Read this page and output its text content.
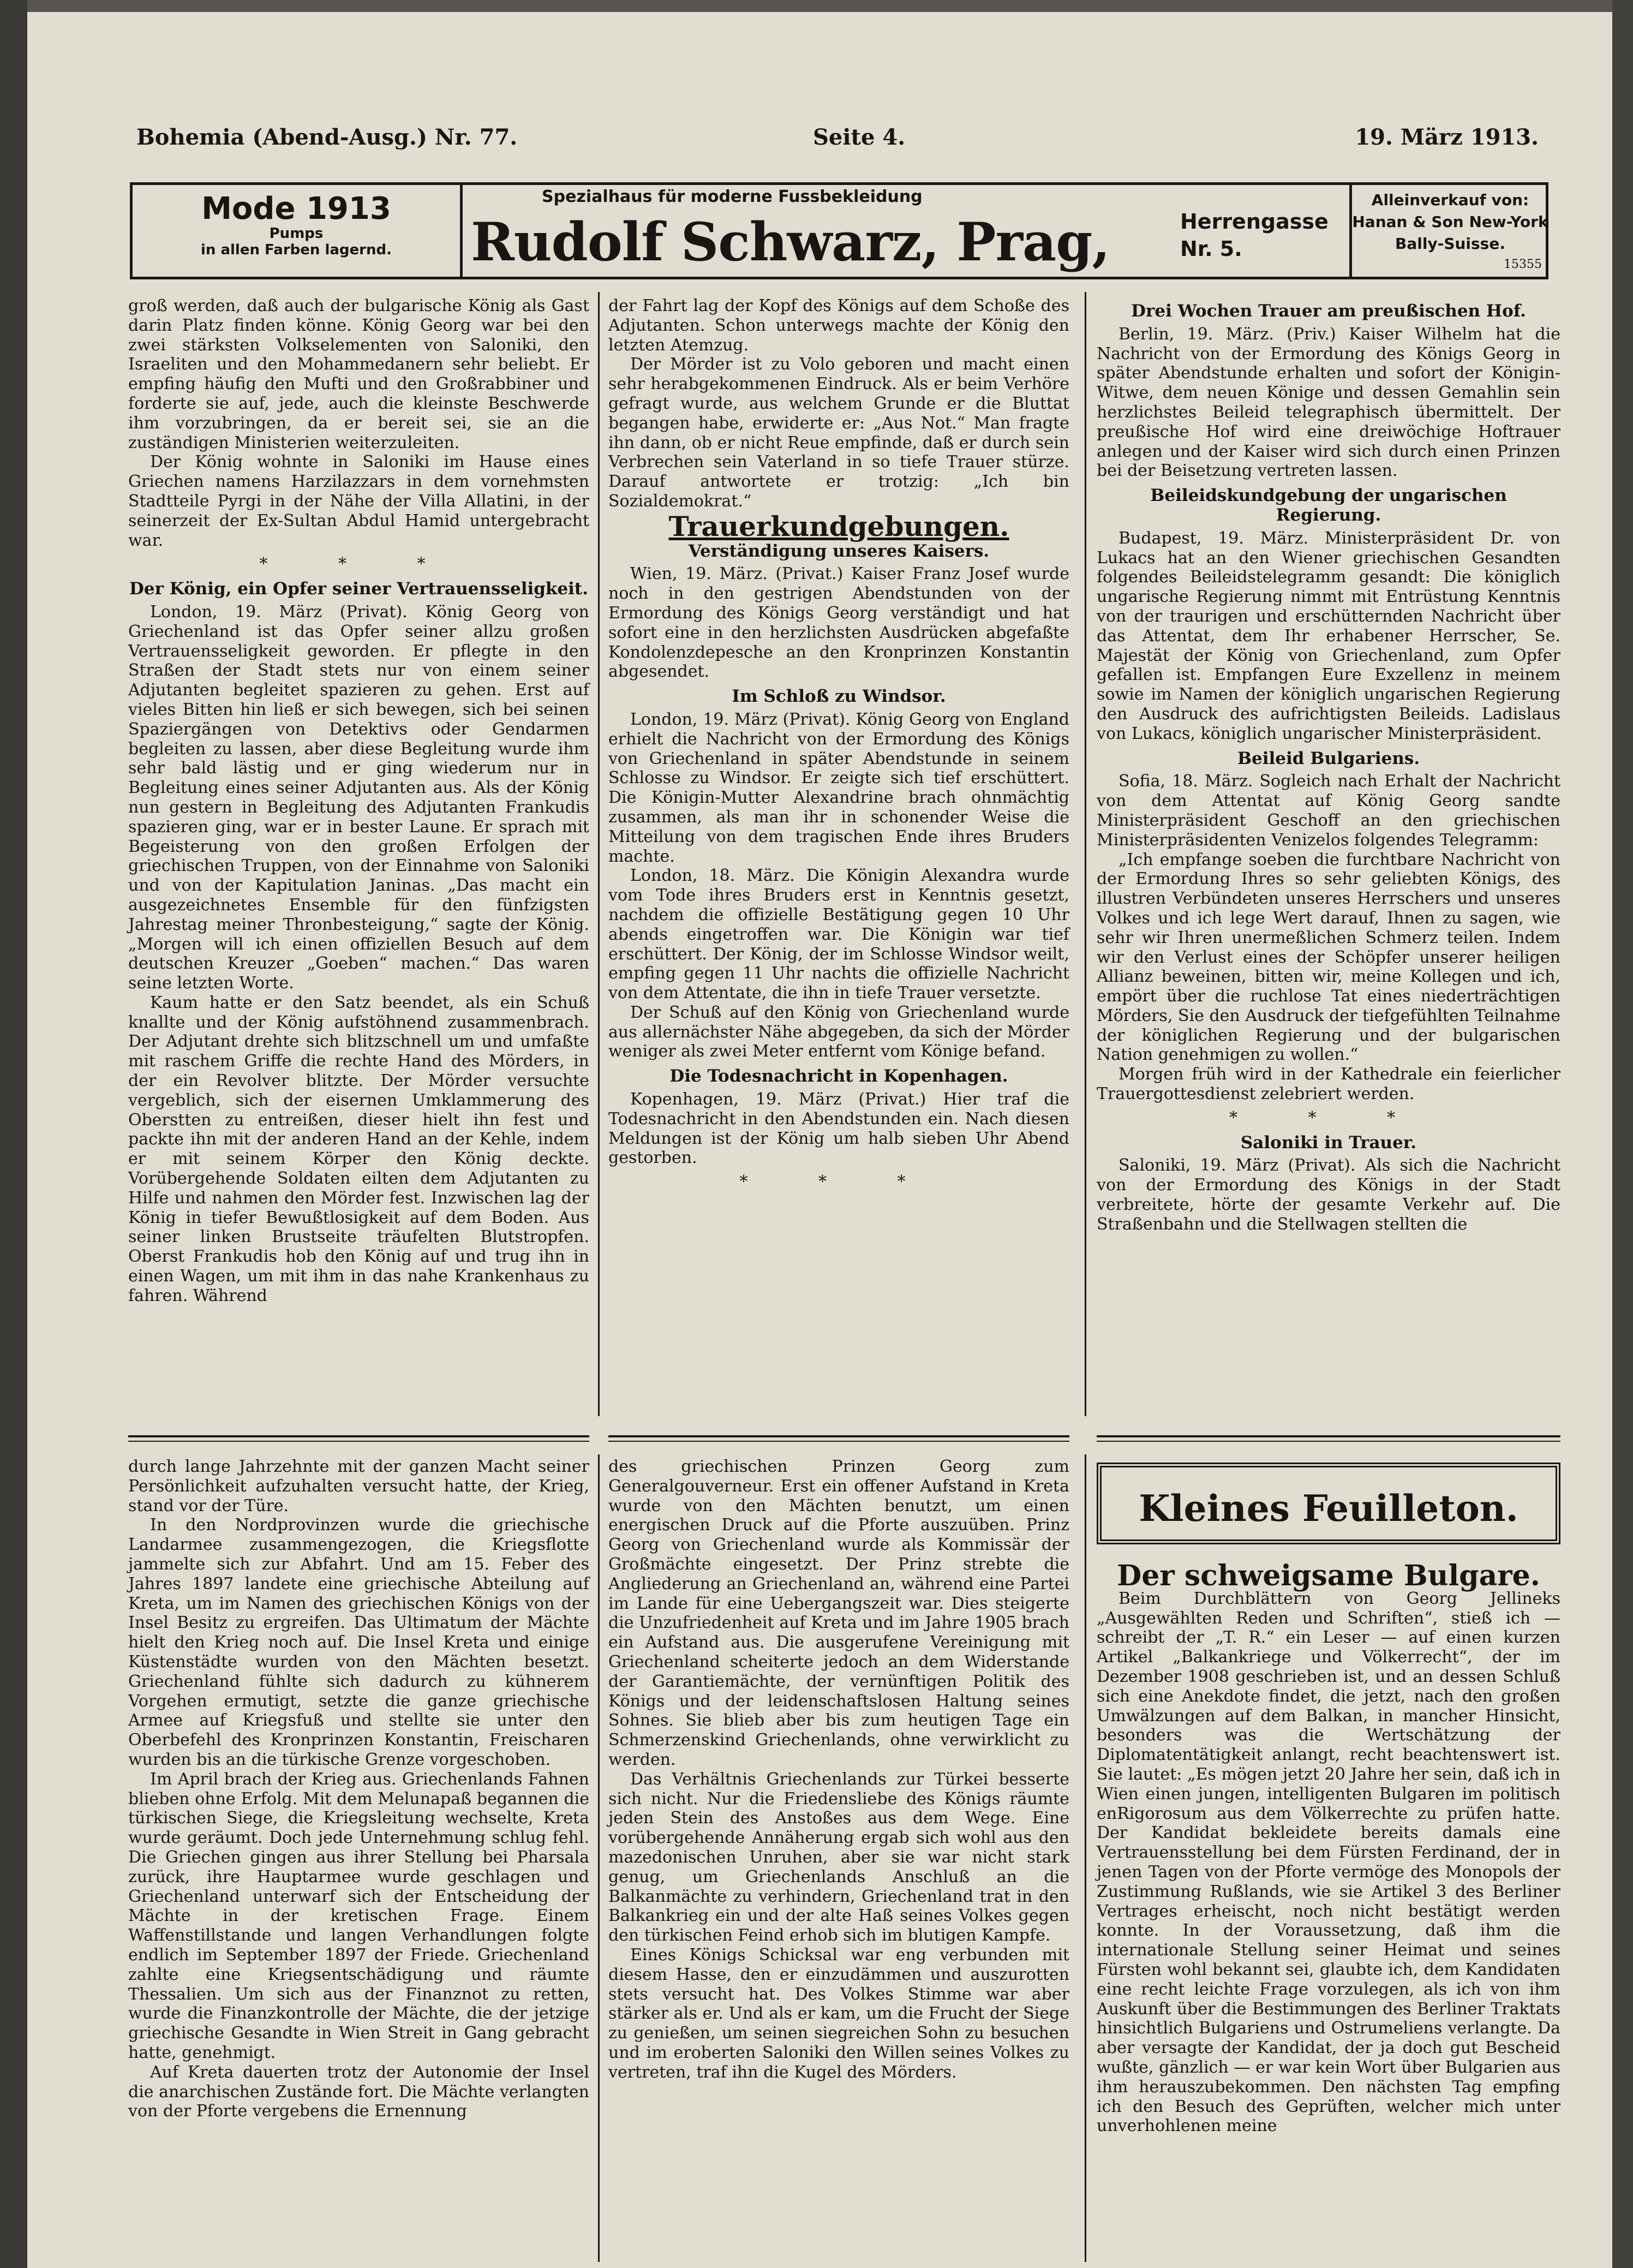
Bohemia (Abend-Ausg.) Nr. 77.	Seite 4.	19. März 1913.
Mode 1913
Pumps
in allen Farben lagernd.
Spezialhaus für moderne Fussbekleidung
Rudolf Schwarz, Prag,	Herrengasse
Nr. 5.
Alleinverkauf von:
Hanan & Son New-York
Bally-Suisse.
15355

groß werden, daß auch der bulgarische König als Gast darin Platz finden könne. König Georg war bei den zwei stärksten Volkselementen von Saloniki, den Israeliten und den Mohammedanern sehr beliebt. Er empfing häufig den Mufti und den Großrabbiner und forderte sie auf, jede, auch die kleinste Beschwerde ihm vorzubringen, da er bereit sei, sie an die zuständigen Ministerien weiterzuleiten.

Der König wohnte in Saloniki im Hause eines Griechen namens Harzilazzars in dem vornehmsten Stadtteile Pyrgi in der Nähe der Villa Allatini, in der seinerzeit der Ex-Sultan Abdul Hamid untergebracht war.

* * *
Der König, ein Opfer seiner Vertrauensseligkeit.

London, 19. März (Privat). König Georg von Griechenland ist das Opfer seiner allzu großen Vertrauensseligkeit geworden. Er pflegte in den Straßen der Stadt stets nur von einem seiner Adjutanten begleitet spazieren zu gehen. Erst auf vieles Bitten hin ließ er sich bewegen, sich bei seinen Spaziergängen von Detektivs oder Gendarmen begleiten zu lassen, aber diese Begleitung wurde ihm sehr bald lästig und er ging wiederum nur in Begleitung eines seiner Adjutanten aus. Als der König nun gestern in Begleitung des Adjutanten Frankudis spazieren ging, war er in bester Laune. Er sprach mit Begeisterung von den großen Erfolgen der griechischen Truppen, von der Einnahme von Saloniki und von der Kapitulation Janinas. „Das macht ein ausgezeichnetes Ensemble für den fünfzigsten Jahrestag meiner Thronbesteigung,“ sagte der König. „Morgen will ich einen offiziellen Besuch auf dem deutschen Kreuzer „Goeben“ machen.“ Das waren seine letzten Worte.

Kaum hatte er den Satz beendet, als ein Schuß knallte und der König aufstöhnend zusammenbrach. Der Adjutant drehte sich blitzschnell um und umfaßte mit raschem Griffe die rechte Hand des Mörders, in der ein Revolver blitzte. Der Mörder versuchte vergeblich, sich der eisernen Umklammerung des Oberstten zu entreißen, dieser hielt ihn fest und packte ihn mit der anderen Hand an der Kehle, indem er mit seinem Körper den König deckte. Vorübergehende Soldaten eilten dem Adjutanten zu Hilfe und nahmen den Mörder fest. Inzwischen lag der König in tiefer Bewußtlosigkeit auf dem Boden. Aus seiner linken Brustseite träufelten Blutstropfen. Oberst Frankudis hob den König auf und trug ihn in einen Wagen, um mit ihm in das nahe Krankenhaus zu fahren. Während

der Fahrt lag der Kopf des Königs auf dem Schoße des Adjutanten. Schon unterwegs machte der König den letzten Atemzug.

Der Mörder ist zu Volo geboren und macht einen sehr herabgekommenen Eindruck. Als er beim Verhöre gefragt wurde, aus welchem Grunde er die Bluttat begangen habe, erwiderte er: „Aus Not.“ Man fragte ihn dann, ob er nicht Reue empfinde, daß er durch sein Verbrechen sein Vaterland in so tiefe Trauer stürze. Darauf antwortete er trotzig: „Ich bin Sozialdemokrat.“

Trauerkundgebungen.
Verständigung unseres Kaisers.

Wien, 19. März. (Privat.) Kaiser Franz Josef wurde noch in den gestrigen Abendstunden von der Ermordung des Königs Georg verständigt und hat sofort eine in den herzlichsten Ausdrücken abgefaßte Kondolenzdepesche an den Kronprinzen Konstantin abgesendet.

Im Schloß zu Windsor.

London, 19. März (Privat). König Georg von England erhielt die Nachricht von der Ermordung des Königs von Griechenland in später Abendstunde in seinem Schlosse zu Windsor. Er zeigte sich tief erschüttert. Die Königin-Mutter Alexandrine brach ohnmächtig zusammen, als man ihr in schonender Weise die Mitteilung von dem tragischen Ende ihres Bruders machte.

London, 18. März. Die Königin Alexandra wurde vom Tode ihres Bruders erst in Kenntnis gesetzt, nachdem die offizielle Bestätigung gegen 10 Uhr abends eingetroffen war. Die Königin war tief erschüttert. Der König, der im Schlosse Windsor weilt, empfing gegen 11 Uhr nachts die offizielle Nachricht von dem Attentate, die ihn in tiefe Trauer versetzte.

Der Schuß auf den König von Griechenland wurde aus allernächster Nähe abgegeben, da sich der Mörder weniger als zwei Meter entfernt vom Könige befand.

Die Todesnachricht in Kopenhagen.

Kopenhagen, 19. März (Privat.) Hier traf die Todesnachricht in den Abendstunden ein. Nach diesen Meldungen ist der König um halb sieben Uhr Abend gestorben.

* * *
Drei Wochen Trauer am preußischen Hof.

Berlin, 19. März. (Priv.) Kaiser Wilhelm hat die Nachricht von der Ermordung des Königs Georg in später Abendstunde erhalten und sofort der Königin-Witwe, dem neuen Könige und dessen Gemahlin sein herzlichstes Beileid telegraphisch übermittelt. Der preußische Hof wird eine dreiwöchige Hoftrauer anlegen und der Kaiser wird sich durch einen Prinzen bei der Beisetzung vertreten lassen.

Beileidskundgebung der ungarischen Regierung.

Budapest, 19. März. Ministerpräsident Dr. von Lukacs hat an den Wiener griechischen Gesandten folgendes Beileidstelegramm gesandt: Die königlich ungarische Regierung nimmt mit Entrüstung Kenntnis von der traurigen und erschütternden Nachricht über das Attentat, dem Ihr erhabener Herrscher, Se. Majestät der König von Griechenland, zum Opfer gefallen ist. Empfangen Eure Exzellenz in meinem sowie im Namen der königlich ungarischen Regierung den Ausdruck des aufrichtigsten Beileids. Ladislaus von Lukacs, königlich ungarischer Ministerpräsident.

Beileid Bulgariens.

Sofia, 18. März. Sogleich nach Erhalt der Nachricht von dem Attentat auf König Georg sandte Ministerpräsident Geschoff an den griechischen Ministerpräsidenten Venizelos folgendes Telegramm:

„Ich empfange soeben die furchtbare Nachricht von der Ermordung Ihres so sehr geliebten Königs, des illustren Verbündeten unseres Herrschers und unseres Volkes und ich lege Wert darauf, Ihnen zu sagen, wie sehr wir Ihren unermeßlichen Schmerz teilen. Indem wir den Verlust eines der Schöpfer unserer heiligen Allianz beweinen, bitten wir, meine Kollegen und ich, empört über die ruchlose Tat eines niederträchtigen Mörders, Sie den Ausdruck der tiefgefühlten Teilnahme der königlichen Regierung und der bulgarischen Nation genehmigen zu wollen.“

Morgen früh wird in der Kathedrale ein feierlicher Trauergottesdienst zelebriert werden.

* * *
Saloniki in Trauer.

Saloniki, 19. März (Privat). Als sich die Nachricht von der Ermordung des Königs in der Stadt verbreitete, hörte der gesamte Verkehr auf. Die Straßenbahn und die Stellwagen stellten die

durch lange Jahrzehnte mit der ganzen Macht seiner Persönlichkeit aufzuhalten versucht hatte, der Krieg, stand vor der Türe.

In den Nordprovinzen wurde die griechische Landarmee zusammengezogen, die Kriegsflotte jammelte sich zur Abfahrt. Und am 15. Feber des Jahres 1897 landete eine griechische Abteilung auf Kreta, um im Namen des griechischen Königs von der Insel Besitz zu ergreifen. Das Ultimatum der Mächte hielt den Krieg noch auf. Die Insel Kreta und einige Küstenstädte wurden von den Mächten besetzt. Griechenland fühlte sich dadurch zu kühnerem Vorgehen ermutigt, setzte die ganze griechische Armee auf Kriegsfuß und stellte sie unter den Oberbefehl des Kronprinzen Konstantin, Freischaren wurden bis an die türkische Grenze vorgeschoben.

Im April brach der Krieg aus. Griechenlands Fahnen blieben ohne Erfolg. Mit dem Melunapaß begannen die türkischen Siege, die Kriegsleitung wechselte, Kreta wurde geräumt. Doch jede Unternehmung schlug fehl. Die Griechen gingen aus ihrer Stellung bei Pharsala zurück, ihre Hauptarmee wurde geschlagen und Griechenland unterwarf sich der Entscheidung der Mächte in der kretischen Frage. Einem Waffenstillstande und langen Verhandlungen folgte endlich im September 1897 der Friede. Griechenland zahlte eine Kriegsentschädigung und räumte Thessalien. Um sich aus der Finanznot zu retten, wurde die Finanzkontrolle der Mächte, die der jetzige griechische Gesandte in Wien Streit in Gang gebracht hatte, genehmigt.

Auf Kreta dauerten trotz der Autonomie der Insel die anarchischen Zustände fort. Die Mächte verlangten von der Pforte vergebens die Ernennung

des griechischen Prinzen Georg zum Generalgouverneur. Erst ein offener Aufstand in Kreta wurde von den Mächten benutzt, um einen energischen Druck auf die Pforte auszuüben. Prinz Georg von Griechenland wurde als Kommissär der Großmächte eingesetzt. Der Prinz strebte die Angliederung an Griechenland an, während eine Partei im Lande für eine Uebergangszeit war. Dies steigerte die Unzufriedenheit auf Kreta und im Jahre 1905 brach ein Aufstand aus. Die ausgerufene Vereinigung mit Griechenland scheiterte jedoch an dem Widerstande der Garantiemächte, der vernünftigen Politik des Königs und der leidenschaftslosen Haltung seines Sohnes. Sie blieb aber bis zum heutigen Tage ein Schmerzenskind Griechenlands, ohne verwirklicht zu werden.

Das Verhältnis Griechenlands zur Türkei besserte sich nicht. Nur die Friedensliebe des Königs räumte jeden Stein des Anstoßes aus dem Wege. Eine vorübergehende Annäherung ergab sich wohl aus den mazedonischen Unruhen, aber sie war nicht stark genug, um Griechenlands Anschluß an die Balkanmächte zu verhindern, Griechenland trat in den Balkankrieg ein und der alte Haß seines Volkes gegen den türkischen Feind erhob sich im blutigen Kampfe.

Eines Königs Schicksal war eng verbunden mit diesem Hasse, den er einzudämmen und auszurotten stets versucht hat. Des Volkes Stimme war aber stärker als er. Und als er kam, um die Frucht der Siege zu genießen, um seinen siegreichen Sohn zu besuchen und im eroberten Saloniki den Willen seines Volkes zu vertreten, traf ihn die Kugel des Mörders.

Kleines Feuilleton.
Der schweigsame Bulgare.

Beim Durchblättern von Georg Jellineks „Ausgewählten Reden und Schriften“, stieß ich — schreibt der „T. R.“ ein Leser — auf einen kurzen Artikel „Balkankriege und Völkerrecht“, der im Dezember 1908 geschrieben ist, und an dessen Schluß sich eine Anekdote findet, die jetzt, nach den großen Umwälzungen auf dem Balkan, in mancher Hinsicht, besonders was die Wertschätzung der Diplomatentätigkeit anlangt, recht beachtenswert ist. Sie lautet: „Es mögen jetzt 20 Jahre her sein, daß ich in Wien einen jungen, intelligenten Bulgaren im politisch enRigorosum aus dem Völkerrechte zu prüfen hatte. Der Kandidat bekleidete bereits damals eine Vertrauensstellung bei dem Fürsten Ferdinand, der in jenen Tagen von der Pforte vermöge des Monopols der Zustimmung Rußlands, wie sie Artikel 3 des Berliner Vertrages erheischt, noch nicht bestätigt werden konnte. In der Voraussetzung, daß ihm die internationale Stellung seiner Heimat und seines Fürsten wohl bekannt sei, glaubte ich, dem Kandidaten eine recht leichte Frage vorzulegen, als ich von ihm Auskunft über die Bestimmungen des Berliner Traktats hinsichtlich Bulgariens und Ostrumeliens verlangte. Da aber versagte der Kandidat, der ja doch gut Bescheid wußte, gänzlich — er war kein Wort über Bulgarien aus ihm herauszubekommen. Den nächsten Tag empfing ich den Besuch des Geprüften, welcher mich unter unverhohlenen meine
